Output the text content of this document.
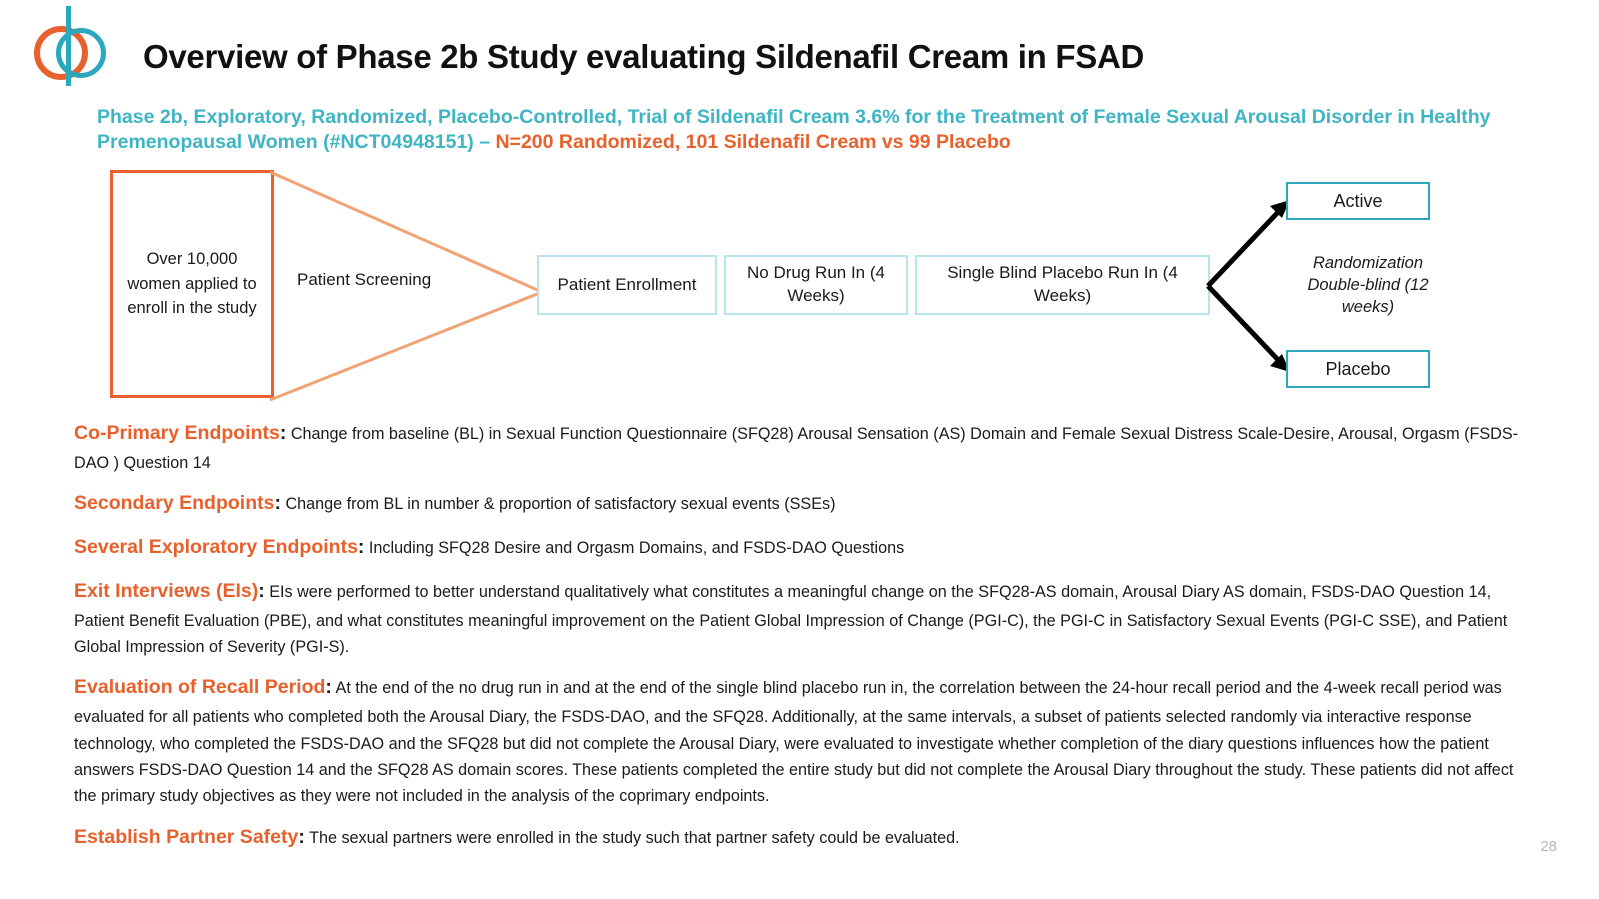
Overview of Phase 2b Study evaluating Sildenafil Cream in FSAD
Phase 2b, Exploratory, Randomized, Placebo-Controlled, Trial of Sildenafil Cream 3.6% for the Treatment of Female Sexual Arousal Disorder in Healthy Premenopausal Women (#NCT04948151) – N=200 Randomized, 101 Sildenafil Cream vs 99 Placebo
Over 10,000 women applied to enroll in the study
Patient Screening	Patient Enrollment
No Drug Run In (4 Weeks)
Single Blind Placebo Run In (4 Weeks)
Active
Placebo
Randomization Double-blind (12 weeks)
Co-Primary Endpoints: Change from baseline (BL) in Sexual Function Questionnaire (SFQ28) Arousal Sensation (AS) Domain and Female Sexual Distress Scale-Desire, Arousal, Orgasm (FSDS-DAO ) Question 14
Secondary Endpoints: Change from BL in number & proportion of satisfactory sexual events (SSEs)
Several Exploratory Endpoints: Including SFQ28 Desire and Orgasm Domains, and FSDS-DAO Questions
Exit Interviews (EIs): EIs were performed to better understand qualitatively what constitutes a meaningful change on the SFQ28-AS domain, Arousal Diary AS domain, FSDS-DAO Question 14, Patient Benefit Evaluation (PBE), and what constitutes meaningful improvement on the Patient Global Impression of Change (PGI-C), the PGI-C in Satisfactory Sexual Events (PGI-C SSE), and Patient Global Impression of Severity (PGI-S).
Evaluation of Recall Period: At the end of the no drug run in and at the end of the single blind placebo run in, the correlation between the 24-hour recall period and the 4-week recall period was evaluated for all patients who completed both the Arousal Diary, the FSDS-DAO, and the SFQ28. Additionally, at the same intervals, a subset of patients selected randomly via interactive response technology, who completed the FSDS-DAO and the SFQ28 but did not complete the Arousal Diary, were evaluated to investigate whether completion of the diary questions influences how the patient answers FSDS-DAO Question 14 and the SFQ28 AS domain scores. These patients completed the entire study but did not complete the Arousal Diary throughout the study. These patients did not affect the primary study objectives as they were not included in the analysis of the coprimary endpoints.
Establish Partner Safety: The sexual partners were enrolled in the study such that partner safety could be evaluated.	28
